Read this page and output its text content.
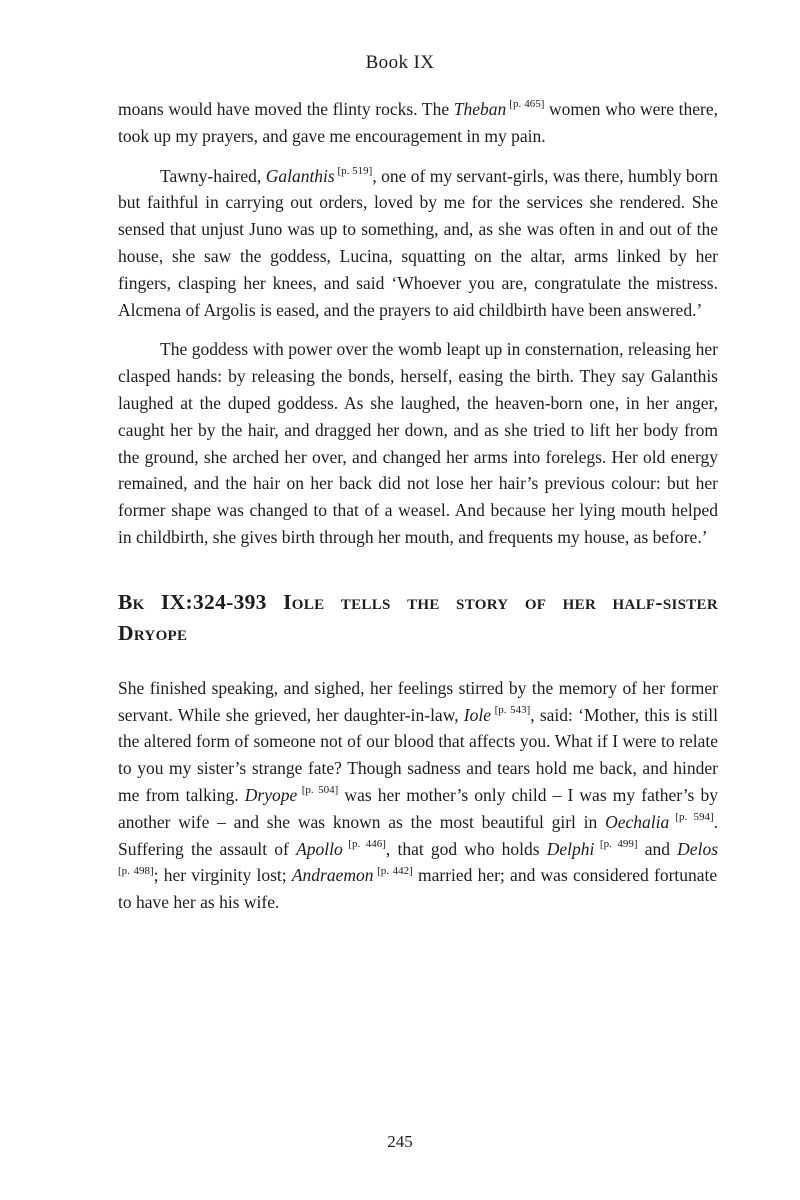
Book IX

moans would have moved the flinty rocks. The Theban [p. 465] women who were there, took up my prayers, and gave me encouragement in my pain.

Tawny-haired, Galanthis [p. 519], one of my servant-girls, was there, humbly born but faithful in carrying out orders, loved by me for the services she rendered. She sensed that unjust Juno was up to something, and, as she was often in and out of the house, she saw the goddess, Lucina, squatting on the altar, arms linked by her fingers, clasping her knees, and said ‘Whoever you are, congratulate the mistress. Alcmena of Argolis is eased, and the prayers to aid childbirth have been answered.’

The goddess with power over the womb leapt up in consternation, releasing her clasped hands: by releasing the bonds, herself, easing the birth. They say Galanthis laughed at the duped goddess. As she laughed, the heaven-born one, in her anger, caught her by the hair, and dragged her down, and as she tried to lift her body from the ground, she arched her over, and changed her arms into forelegs. Her old energy remained, and the hair on her back did not lose her hair’s previous colour: but her former shape was changed to that of a weasel. And because her lying mouth helped in childbirth, she gives birth through her mouth, and frequents my house, as before.’

Bk IX:324-393 Iole tells the story of her half-sister Dryope

She finished speaking, and sighed, her feelings stirred by the memory of her former servant. While she grieved, her daughter-in-law, Iole [p. 543], said: ‘Mother, this is still the altered form of someone not of our blood that affects you. What if I were to relate to you my sister’s strange fate? Though sadness and tears hold me back, and hinder me from talking. Dryope [p. 504] was her mother’s only child – I was my father’s by another wife – and she was known as the most beautiful girl in Oechalia [p. 594]. Suffering the assault of Apollo [p. 446], that god who holds Delphi [p. 499] and Delos [p. 498]; her virginity lost; Andraemon [p. 442] married her; and was considered fortunate to have her as his wife.

245
